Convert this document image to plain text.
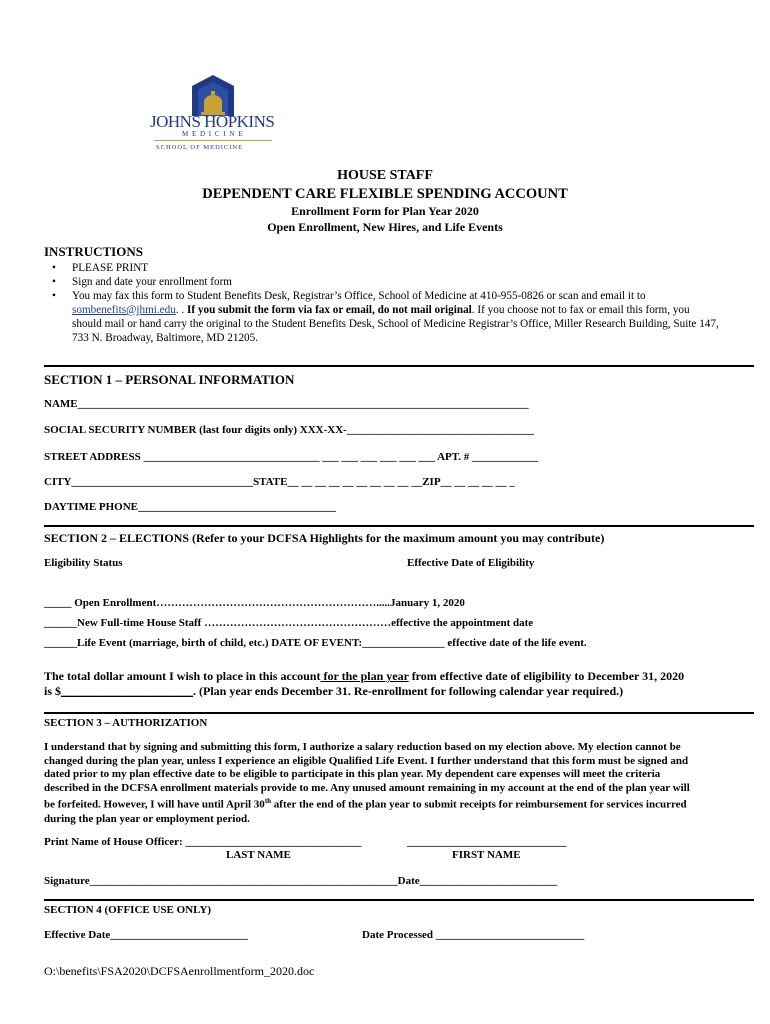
JOHNS HOPKINS
M E D I C I N E
SCHOOL OF MEDICINE
HOUSE STAFF
DEPENDENT CARE FLEXIBLE SPENDING ACCOUNT
Enrollment Form for Plan Year 2020
Open Enrollment, New Hires, and Life Events
INSTRUCTIONS
• PLEASE PRINT
• Sign and date your enrollment form
• You may fax this form to Student Benefits Desk, Registrar’s Office, School of Medicine at 410-955-0826 or scan and email it to sombenefits@jhmi.edu. . If you submit the form via fax or email, do not mail original. If you choose not to fax or email this form, you should mail or hand carry the original to the Student Benefits Desk, School of Medicine Registrar’s Office, Miller Research Building, Suite 147, 733 N. Broadway, Baltimore, MD 21205.
SECTION 1 – PERSONAL INFORMATION
NAME__________________________________________________________________________________
SOCIAL SECURITY NUMBER (last four digits only) XXX-XX-__________________________________
STREET ADDRESS ________________________________ ___ ___ ___ ___ ___ ___ APT. # ____________
CITY_________________________________STATE__ __ __ __ __ __ __ __ __ __ZIP__ __ __ __ __ _
DAYTIME PHONE____________________________________
SECTION 2 – ELECTIONS (Refer to your DCFSA Highlights for the maximum amount you may contribute)
Eligibility Status	Effective Date of Eligibility
_____ Open Enrollment…………………………………………………….....January 1, 2020
______New Full-time House Staff ……………………………………………effective the appointment date
______Life Event (marriage, birth of child, etc.) DATE OF EVENT:_______________ effective date of the life event.
The total dollar amount I wish to place in this account for the plan year from effective date of eligibility to December 31, 2020
is $______________________. (Plan year ends December 31. Re-enrollment for following calendar year required.)
SECTION 3 – AUTHORIZATION
I understand that by signing and submitting this form, I authorize a salary reduction based on my election above. My election cannot be
changed during the plan year, unless I experience an eligible Qualified Life Event. I further understand that this form must be signed and
dated prior to my plan effective date to be eligible to participate in this plan year. My dependent care expenses will meet the criteria
described in the DCFSA enrollment materials provide to me. Any unused amount remaining in my account at the end of the plan year will
be forfeited. However, I will have until April 30th after the end of the plan year to submit receipts for reimbursement for services incurred
during the plan year or employment period.
Print Name of House Officer: ________________________________	_____________________________
LAST NAME	FIRST NAME
Signature________________________________________________________Date_________________________
SECTION 4 (OFFICE USE ONLY)
Effective Date_________________________	Date Processed ___________________________
O:\benefits\FSA2020\DCFSAenrollmentform_2020.doc
